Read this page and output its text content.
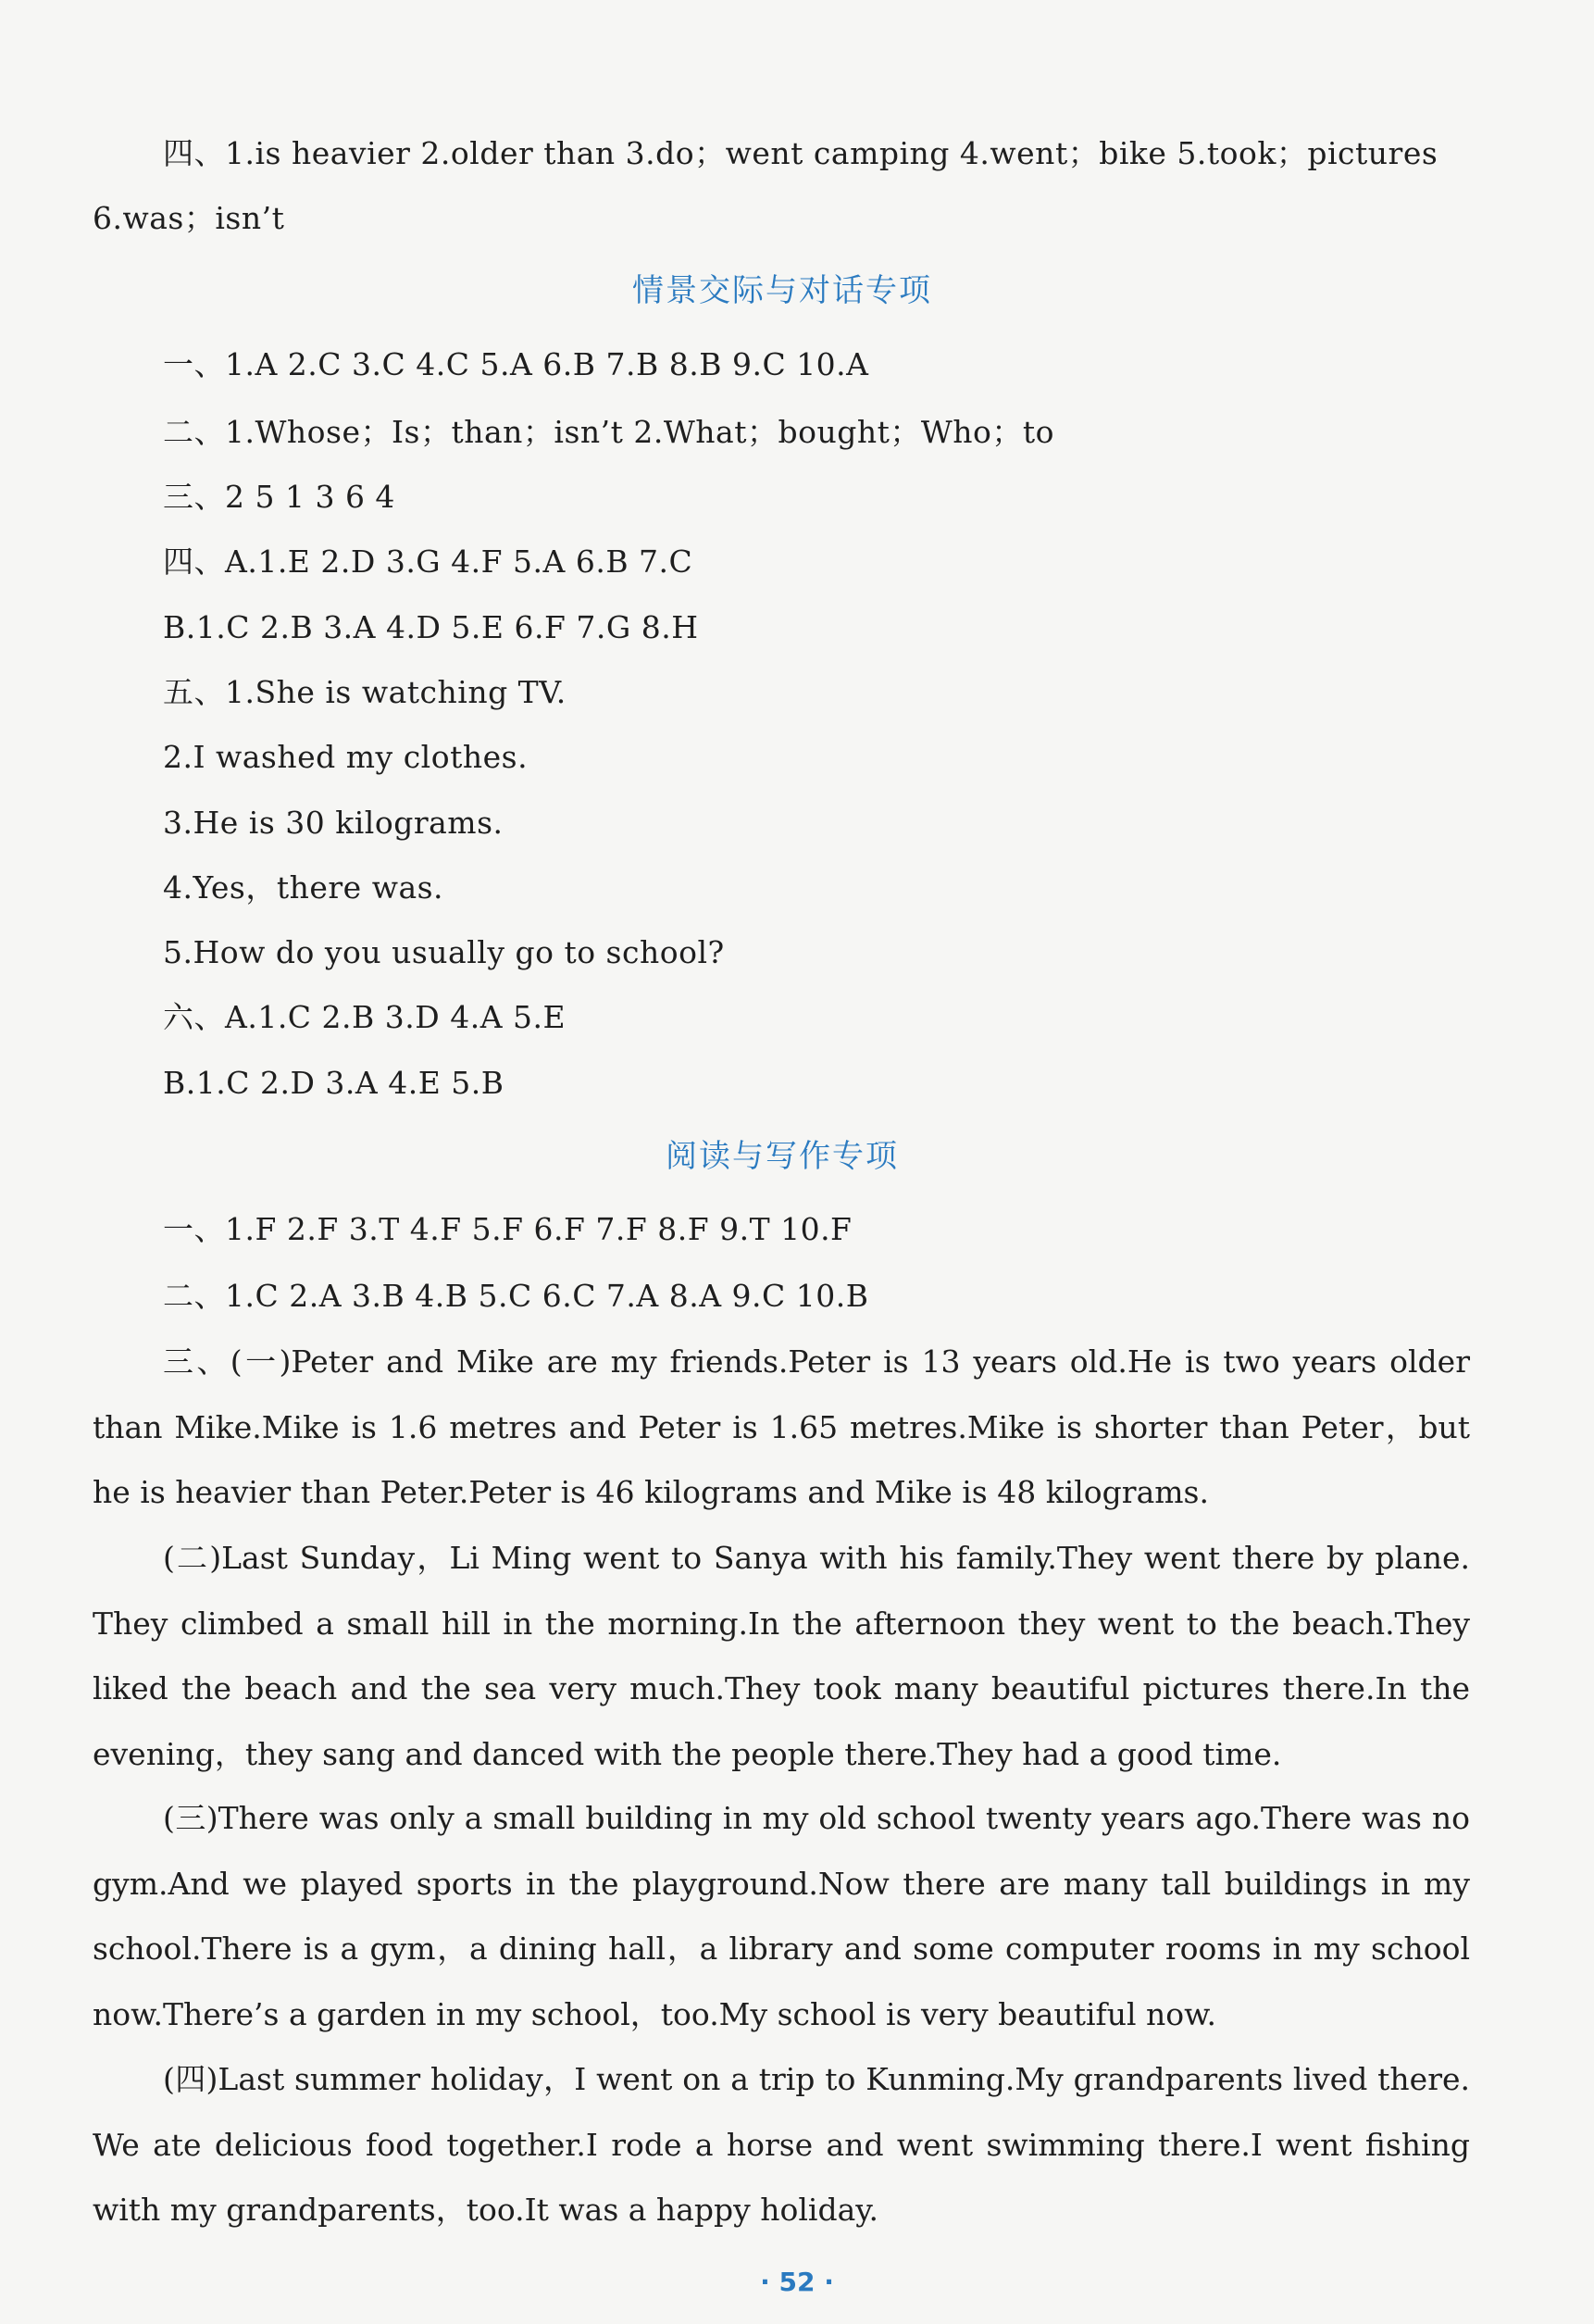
四、1.is heavier 2.older than 3.do；went camping 4.went；bike 5.took；pictures
6.was；isn’t
情景交际与对话专项
一、1.A 2.C 3.C 4.C 5.A 6.B 7.B 8.B 9.C 10.A
二、1.Whose；Is；than；isn’t 2.What；bought；Who；to
三、2 5 1 3 6 4
四、A.1.E 2.D 3.G 4.F 5.A 6.B 7.C
B.1.C 2.B 3.A 4.D 5.E 6.F 7.G 8.H
五、1.She is watching TV.
2.I washed my clothes.
3.He is 30 kilograms.
4.Yes，there was.
5.How do you usually go to school?
六、A.1.C 2.B 3.D 4.A 5.E
B.1.C 2.D 3.A 4.E 5.B
阅读与写作专项
一、1.F 2.F 3.T 4.F 5.F 6.F 7.F 8.F 9.T 10.F
二、1.C 2.A 3.B 4.B 5.C 6.C 7.A 8.A 9.C 10.B
三、(一)Peter and Mike are my friends.Peter is 13 years old.He is two years older than Mike.Mike is 1.6 metres and Peter is 1.65 metres.Mike is shorter than Peter，but he is heavier than Peter.Peter is 46 kilograms and Mike is 48 kilograms.
(二)Last Sunday，Li Ming went to Sanya with his family.They went there by plane. They climbed a small hill in the morning.In the afternoon they went to the beach.They liked the beach and the sea very much.They took many beautiful pictures there.In the evening，they sang and danced with the people there.They had a good time.
(三)There was only a small building in my old school twenty years ago.There was no gym.And we played sports in the playground.Now there are many tall buildings in my school.There is a gym，a dining hall，a library and some computer rooms in my school now.There’s a garden in my school，too.My school is very beautiful now.
(四)Last summer holiday，I went on a trip to Kunming.My grandparents lived there. We ate delicious food together.I rode a horse and went swimming there.I went fishing with my grandparents，too.It was a happy holiday.
· 52 ·
